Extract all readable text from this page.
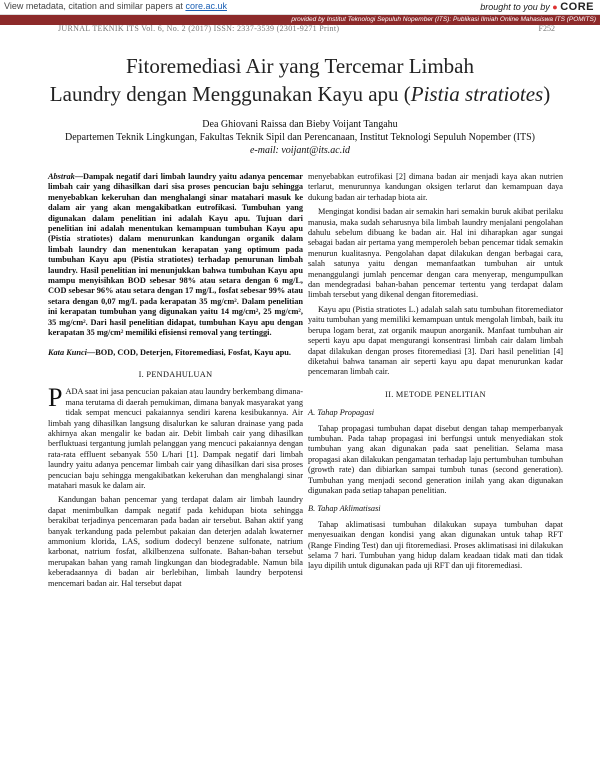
View metadata, citation and similar papers at core.ac.uk	brought to you by ● CORE
provided by Institut Teknologi Sepuluh Nopember (ITS): Publikasi Ilmiah Online Mahasiswa ITS (POMITS)
JURNAL TEKNIK ITS Vol. 6, No. 2 (2017) ISSN: 2337-3539 (2301-9271 Print)	F252
Fitoremediasi Air yang Tercemar Limbah
Laundry dengan Menggunakan Kayu apu (Pistia stratiotes)
Dea Ghiovani Raissa dan Bieby Voijant Tangahu
Departemen Teknik Lingkungan, Fakultas Teknik Sipil dan Perencanaan, Institut Teknologi Sepuluh Nopember (ITS)
e-mail: voijant@its.ac.id
Abstrak—Dampak negatif dari limbah laundry yaitu adanya pencemar limbah cair yang dihasilkan dari sisa proses pencucian baju sehingga menyebabkan kekeruhan dan menghalangi sinar matahari masuk ke dalam air yang akan mengakibatkan eutrofikasi. Tumbuhan yang digunakan dalam penelitian ini adalah Kayu apu. Tujuan dari penelitian ini adalah menentukan kemampuan tumbuhan Kayu apu (Pistia stratiotes) dalam menurunkan kandungan organik dalam limbah laundry dan menentukan kerapatan yang optimum pada tumbuhan Kayu apu (Pistia stratiotes) terhadap penurunan limbah laundry. Hasil penelitian ini menunjukkan bahwa tumbuhan Kayu apu mampu menyisihkan BOD sebesar 98% atau setara dengan 6 mg/L, COD sebesar 96% atau setara dengan 17 mg/L, fosfat sebesar 99% atau setara dengan 0,07 mg/L pada kerapatan 35 mg/cm². Dalam penelitian ini kerapatan tumbuhan yang digunakan yaitu 14 mg/cm², 25 mg/cm², 35 mg/cm². Dari hasil penelitian didapat, tumbuhan Kayu apu dengan kerapatan 35 mg/cm² memiliki efisiensi removal yang tertinggi.
Kata Kunci—BOD, COD, Deterjen, Fitoremediasi, Fosfat, Kayu apu.
I. PENDAHULUAN

PADA saat ini jasa pencucian pakaian atau laundry berkembang dimana-mana terutama di daerah pemukiman, dimana banyak masyarakat yang tidak sempat mencuci pakaiannya sendiri karena kesibukannya. Air limbah yang dihasilkan langsung disalurkan ke saluran drainase yang pada akhirnya akan mengalir ke badan air. Debit limbah cair yang dihasilkan berfluktuasi tergantung jumlah pelanggan yang mencuci pakaiannya dengan rata-rata effluent sebanyak 550 L/hari [1]. Dampak negatif dari limbah laundry yaitu adanya pencemar limbah cair yang dihasilkan dari sisa proses pencucian baju sehingga mengakibatkan kekeruhan dan menghalangi sinar matahari masuk ke dalam air.

Kandungan bahan pencemar yang terdapat dalam air limbah laundry dapat menimbulkan dampak negatif pada kehidupan biota sehingga berakibat terjadinya pencemaran pada badan air tersebut. Bahan aktif yang banyak terkandung pada pelembut pakaian dan deterjen adalah kwaterner ammonium klorida, LAS, sodium dodecyl benzene sulfonate, natrium karbonat, natrium fosfat, alkilbenzena sulfonate. Bahan-bahan tersebut merupakan bahan yang ramah lingkungan dan biodegradable. Namun bila keberadaannya di badan air berlebihan, limbah laundry berpotensi mencemari badan air. Hal tersebut dapat

menyebabkan eutrofikasi [2] dimana badan air menjadi kaya akan nutrien terlarut, menurunnya kandungan oksigen terlarut dan kemampuan daya dukung badan air terhadap biota air.

Mengingat kondisi badan air semakin hari semakin buruk akibat perilaku manusia, maka sudah seharusnya bila limbah laundry menjalani pengolahan dahulu sebelum dibuang ke badan air. Hal ini diharapkan agar sungai sebagai badan air pertama yang memperoleh beban pencemar tidak semakin menurun kualitasnya. Pengolahan dapat dilakukan dengan berbagai cara, salah satunya yaitu dengan memanfaatkan tumbuhan air untuk menanggulangi jumlah pencemar dengan cara menyerap, mengumpulkan dan mendegradasi bahan-bahan pencemar tertentu yang terdapat dalam limbah tersebut yang dikenal dengan fitoremediasi.

Kayu apu (Pistia stratiotes L.) adalah salah satu tumbuhan fitoremediator yaitu tumbuhan yang memiliki kemampuan untuk mengolah limbah, baik itu berupa logam berat, zat organik maupun anorganik. Manfaat tumbuhan air seperti kayu apu dapat mengurangi konsentrasi limbah cair dalam limbah dapat dilakukan dengan proses fitoremediasi [3]. Dari hasil penelitian [4] diketahui bahwa tanaman air seperti kayu apu dapat menurunkan kadar pencemaran limbah cair.

II. METODE PENELITIAN
A. Tahap Propagasi

Tahap propagasi tumbuhan dapat disebut dengan tahap memperbanyak tumbuhan. Pada tahap propagasi ini berfungsi untuk menyediakan stok tumbuhan yang akan digunakan pada saat penelitian. Selama masa propagasi akan dilakukan pengamatan terhadap laju pertumbuhan tumbuhan (growth rate) dan dibiarkan sampai tumbuh tunas (second generation). Tumbuhan yang menjadi second generation inilah yang akan digunakan digunakan pada setiap tahapan penelitian.

B. Tahap Aklimatisasi

Tahap aklimatisasi tumbuhan dilakukan supaya tumbuhan dapat menyesuaikan dengan kondisi yang akan digunakan untuk tahap RFT (Range Finding Test) dan uji fitoremediasi. Proses aklimatisasi ini dilakukan selama 7 hari. Tumbuhan yang hidup dalam keadaan tidak mati dan tidak layu dipilih untuk digunakan pada uji RFT dan uji fitoremediasi.
